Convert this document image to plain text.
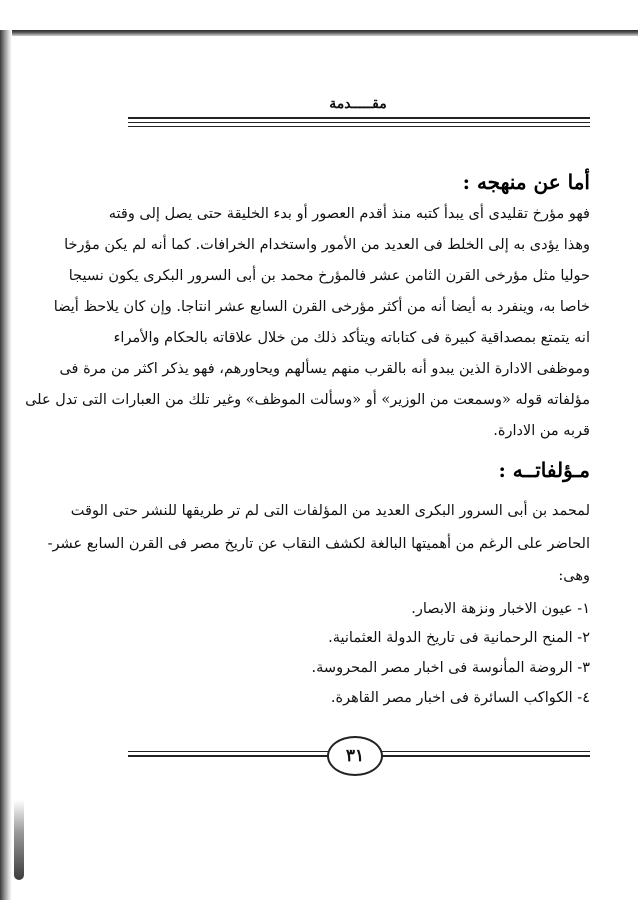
مقـــــدمة
أما عن منهجه :
فهو مؤرخ تقليدى أى يبدأ كتبه منذ أقدم العصور أو بدء الخليقة حتى يصل إلى وقته
وهذا يؤدى به إلى الخلط فى العديد من الأمور واستخدام الخرافات. كما أنه لم يكن مؤرخا
حوليا مثل مؤرخى القرن الثامن عشر فالمؤرخ محمد بن أبى السرور البكرى يكون نسيجا
خاصا به، وينفرد به أيضا أنه من أكثر مؤرخى القرن السابع عشر انتاجا. وإن كان يلاحظ أيضا
انه يتمتع بمصداقية كبيرة فى كتاباته ويتأكد ذلك من خلال علاقاته بالحكام والأمراء
وموظفى الادارة الذين يبدو أنه بالقرب منهم يسألهم ويحاورهم، فهو يذكر اكثر من مرة فى
مؤلفاته قوله «وسمعت من الوزير» أو «وسألت الموظف» وغير تلك من العبارات التى تدل على
قربه من الادارة.
مـؤلفاتــه :
لمحمد بن أبى السرور البكرى العديد من المؤلفات التى لم تر طريقها للنشر حتى الوقت
الحاضر على الرغم من أهميتها البالغة لكشف النقاب عن تاريخ مصر فى القرن السابع عشر-
وهى:
١- عيون الاخبار ونزهة الابصار.
٢- المنح الرحمانية فى تاريخ الدولة العثمانية.
٣- الروضة المأنوسة فى اخبار مصر المحروسة.
٤- الكواكب السائرة فى اخبار مصر القاهرة.
٣١
